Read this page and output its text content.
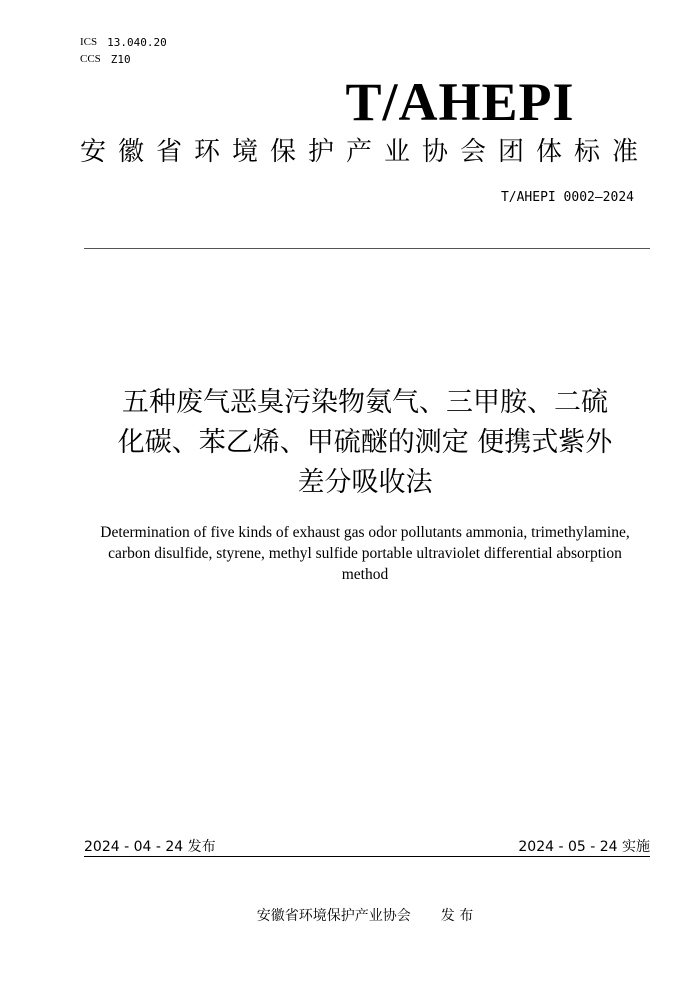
ICS 13.040.20
CCS Z10
T/AHEPI
安徽省环境保护产业协会团体标准
T/AHEPI 0002—2024
五种废气恶臭污染物氨气、三甲胺、二硫
化碳、苯乙烯、甲硫醚的测定 便携式紫外
差分吸收法
Determination of five kinds of exhaust gas odor pollutants ammonia, trimethylamine,
carbon disulfide, styrene, methyl sulfide portable ultraviolet differential absorption
method
2024 - 04 - 24 发布	2024 - 05 - 24 实施
安徽省环境保护产业协会 发 布
